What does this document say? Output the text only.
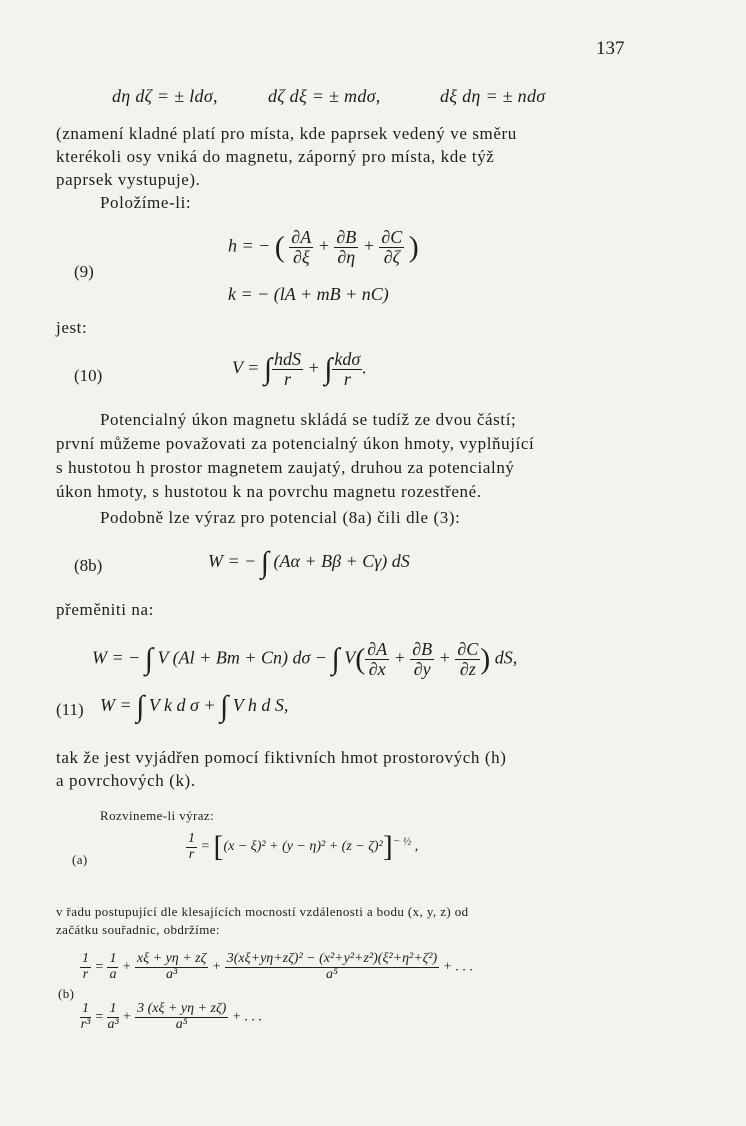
137
dη dζ = ± ldσ,	dζ dξ = ± mdσ,	dξ dη = ± ndσ
(znamení kladné platí pro místa, kde paprsek vedený ve směru
kterékoli osy vniká do magnetu, záporný pro místa, kde týž
paprsek vystupuje).
Položíme-li:
(9)
h = − ( $\frac{\partial A}{\partial\xi} + \frac{\partial B}{\partial\eta} + \frac{\partial C}{\partial\zeta}$ )
k = − (lA + mB + nC)
jest:
(10)	V = ∫ $\frac{\text{hdS}}{r}$ + ∫ $\frac{\text{kdσ}}{r}$ .
Potencialný úkon magnetu skládá se tudíž ze dvou částí;
první můžeme považovati za potencialný úkon hmoty, vyplňující
s hustotou h prostor magnetem zaujatý, druhou za potencialný
úkon hmoty, s hustotou k na povrchu magnetu rozestřené.
Podobně lze výraz pro potencial (8a) čili dle (3):
(8b)	W = − ∫ (Aα + Bβ + Cγ) dS
přeměniti na:
W = − ∫ V (Al + Bm + Cn) dσ − ∫ $V( \frac{\partial A}{\partial x} + \frac{\partial B}{\partial y} + \frac{\partial C}{\partial z}$ ) dS,
(11) W = ∫ V k d σ + ∫ V h d S,
tak že jest vyjádřen pomocí fiktivních hmot prostorových (h)
a povrchových (k).
Rozvineme-li výraz:
(a)	$\frac{1}{r} = [(x - \xi)^2 + (y - \eta)^2 + (z - \zeta)^2]^{- \frac{1}{2}}$ ,
v řadu postupující dle klesajících mocností vzdálenosti a bodu (x, y, z) od
začátku souřadnic, obdržíme:
(b)
$\frac{1}{r} = \frac{1}{a} + \frac{x\xi + y\eta + z\zeta}{\text{a³}} + \frac{\text{3(xξ+yη+zζ)² − (x²+y²+z²)(ξ²+η²+ζ²)}}{\text{a⁵}}$ + . . .
$\frac{1}{\text{r³}} = \frac{1}{\text{a³}} + \frac{3 (x\xi + y\eta + z\zeta)}{\text{a⁵}}$ + . . .
